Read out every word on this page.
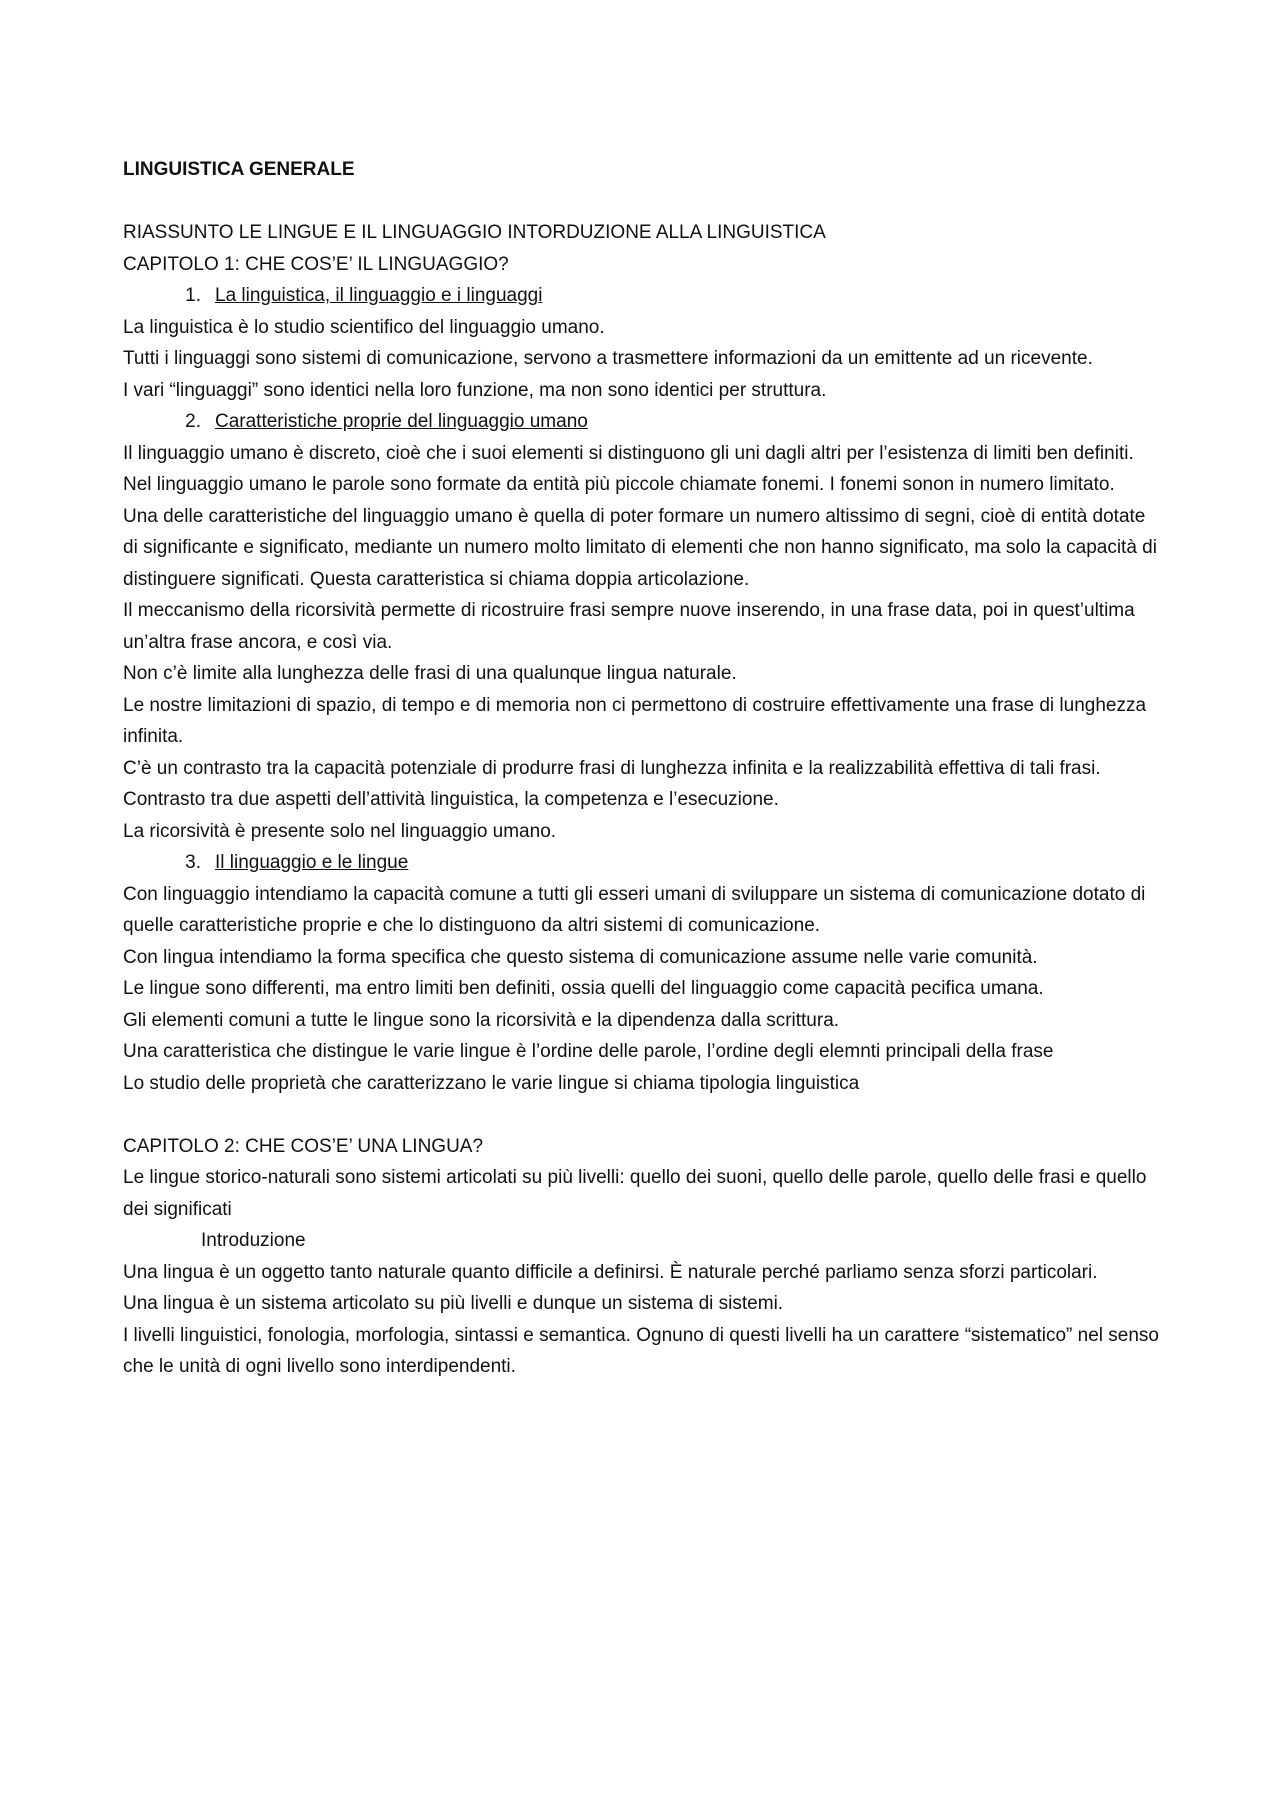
LINGUISTICA GENERALE
RIASSUNTO LE LINGUE E IL LINGUAGGIO INTORDUZIONE ALLA LINGUISTICA
CAPITOLO 1: CHE COS’E’ IL LINGUAGGIO?
1. La linguistica, il linguaggio e i linguaggi
La linguistica è lo studio scientifico del linguaggio umano.
Tutti i linguaggi sono sistemi di comunicazione, servono a trasmettere informazioni da un emittente ad un ricevente.
I vari “linguaggi” sono identici nella loro funzione, ma non sono identici per struttura.
2. Caratteristiche proprie del linguaggio umano
Il linguaggio umano è discreto, cioè che i suoi elementi si distinguono gli uni dagli altri per l’esistenza di limiti ben definiti.
Nel linguaggio umano le parole sono formate da entità più piccole chiamate fonemi. I fonemi sonon in numero limitato.
Una delle caratteristiche del linguaggio umano è quella di poter formare un numero altissimo di segni, cioè di entità dotate di significante e significato, mediante un numero molto limitato di elementi che non hanno significato, ma solo la capacità di distinguere significati. Questa caratteristica si chiama doppia articolazione.
Il meccanismo della ricorsività permette di ricostruire frasi sempre nuove inserendo, in una frase data, poi in quest’ultima un’altra frase ancora, e così via.
Non c’è limite alla lunghezza delle frasi di una qualunque lingua naturale.
Le nostre limitazioni di spazio, di tempo e di memoria non ci permettono di costruire effettivamente una frase di lunghezza infinita.
C’è un contrasto tra la capacità potenziale di produrre frasi di lunghezza infinita e la realizzabilità effettiva di tali frasi. Contrasto tra due aspetti dell’attività linguistica, la competenza e l’esecuzione.
La ricorsività è presente solo nel linguaggio umano.
3. Il linguaggio e le lingue
Con linguaggio intendiamo la capacità comune a tutti gli esseri umani di sviluppare un sistema di comunicazione dotato di quelle caratteristiche proprie e che lo distinguono da altri sistemi di comunicazione.
Con lingua intendiamo la forma specifica che questo sistema di comunicazione assume nelle varie comunità.
Le lingue sono differenti, ma entro limiti ben definiti, ossia quelli del linguaggio come capacità pecifica umana.
Gli elementi comuni a tutte le lingue sono la ricorsività e la dipendenza dalla scrittura.
Una caratteristica che distingue le varie lingue è l’ordine delle parole, l’ordine degli elemnti principali della frase
Lo studio delle proprietà che caratterizzano le varie lingue si chiama tipologia linguistica
CAPITOLO 2: CHE COS’E’ UNA LINGUA?
Le lingue storico-naturali sono sistemi articolati su più livelli: quello dei suoni, quello delle parole, quello delle frasi e quello dei significati
Introduzione
Una lingua è un oggetto tanto naturale quanto difficile a definirsi. È naturale perché parliamo senza sforzi particolari.
Una lingua è un sistema articolato su più livelli e dunque un sistema di sistemi.
I livelli linguistici, fonologia, morfologia, sintassi e semantica. Ognuno di questi livelli ha un carattere “sistematico” nel senso che le unità di ogni livello sono interdipendenti.
